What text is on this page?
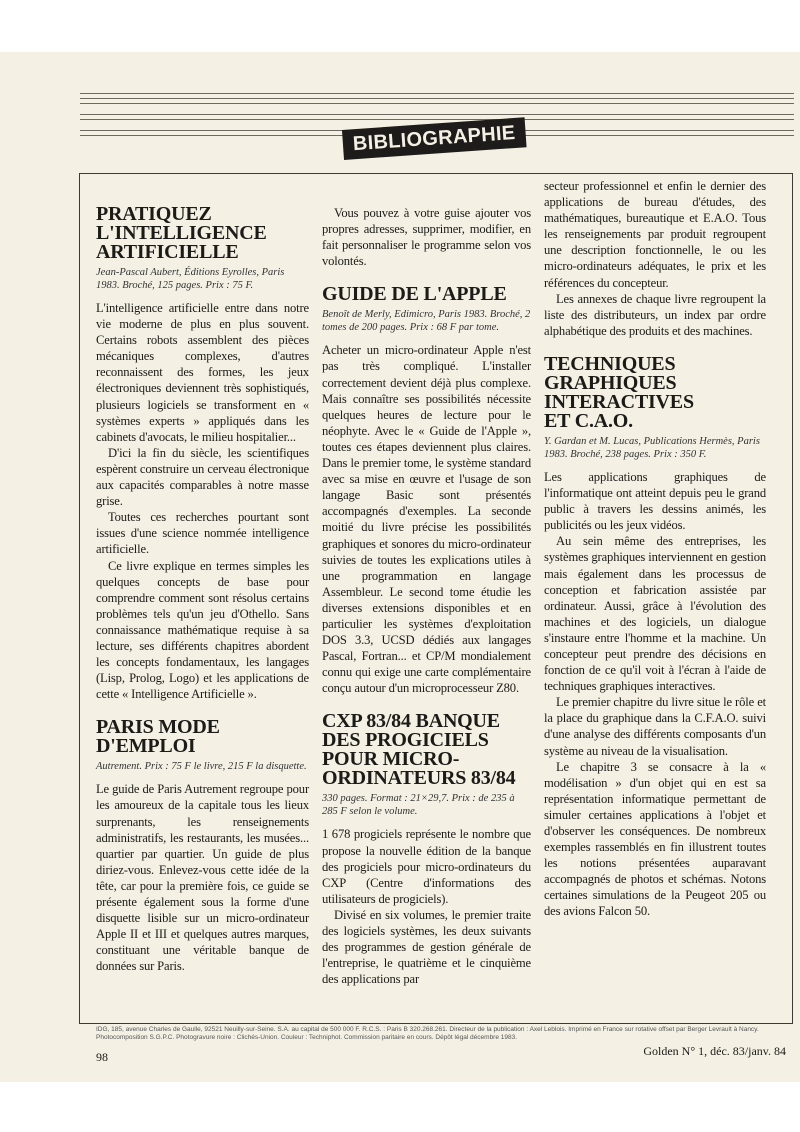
BIBLIOGRAPHIE
PRATIQUEZ
L'INTELLIGENCE
ARTIFICIELLE
Jean-Pascal Aubert, Éditions Eyrolles, Paris 1983. Broché, 125 pages. Prix : 75 F.

L'intelligence artificielle entre dans notre vie moderne de plus en plus souvent. Certains robots assemblent des pièces mécaniques complexes, d'autres reconnaissent des formes, les jeux électroniques deviennent très sophistiqués, plusieurs logiciels se transforment en « systèmes experts » appliqués dans les cabinets d'avocats, le milieu hospitalier...

D'ici la fin du siècle, les scientifiques espèrent construire un cerveau électronique aux capacités comparables à notre masse grise.

Toutes ces recherches pourtant sont issues d'une science nommée intelligence artificielle.

Ce livre explique en termes simples les quelques concepts de base pour comprendre comment sont résolus certains problèmes tels qu'un jeu d'Othello. Sans connaissance mathématique requise à sa lecture, ses différents chapitres abordent les concepts fondamentaux, les langages (Lisp, Prolog, Logo) et les applications de cette « Intelligence Artificielle ».

PARIS MODE
D'EMPLOI
Autrement. Prix : 75 F le livre, 215 F la disquette.

Le guide de Paris Autrement regroupe pour les amoureux de la capitale tous les lieux surprenants, les renseignements administratifs, les restaurants, les musées... quartier par quartier. Un guide de plus diriez-vous. Enlevez-vous cette idée de la tête, car pour la première fois, ce guide se présente également sous la forme d'une disquette lisible sur un micro-ordinateur Apple II et III et quelques autres marques, constituant une véritable banque de données sur Paris.

Vous pouvez à votre guise ajouter vos propres adresses, supprimer, modifier, en fait personnaliser le programme selon vos volontés.

GUIDE DE L'APPLE
Benoît de Merly, Edimicro, Paris 1983. Broché, 2 tomes de 200 pages. Prix : 68 F par tome.

Acheter un micro-ordinateur Apple n'est pas très compliqué. L'installer correctement devient déjà plus complexe. Mais connaître ses possibilités nécessite quelques heures de lecture pour le néophyte. Avec le « Guide de l'Apple », toutes ces étapes deviennent plus claires. Dans le premier tome, le système standard avec sa mise en œuvre et l'usage de son langage Basic sont présentés accompagnés d'exemples. La seconde moitié du livre précise les possibilités graphiques et sonores du micro-ordinateur suivies de toutes les explications utiles à une programmation en langage Assembleur. Le second tome étudie les diverses extensions disponibles et en particulier les systèmes d'exploitation DOS 3.3, UCSD dédiés aux langages Pascal, Fortran... et CP/M mondialement connu qui exige une carte complémentaire conçu autour d'un microprocesseur Z80.

CXP 83/84 BANQUE
DES PROGICIELS
POUR MICRO-
ORDINATEURS 83/84
330 pages. Format : 21×29,7. Prix : de 235 à 285 F selon le volume.

1 678 progiciels représente le nombre que propose la nouvelle édition de la banque des progiciels pour micro-ordinateurs du CXP (Centre d'informations des utilisateurs de progiciels).

Divisé en six volumes, le premier traite des logiciels systèmes, les deux suivants des programmes de gestion générale de l'entreprise, le quatrième et le cinquième des applications par

secteur professionnel et enfin le dernier des applications de bureau d'études, des mathématiques, bureautique et E.A.O. Tous les renseignements par produit regroupent une description fonctionnelle, le ou les micro-ordinateurs adéquates, le prix et les références du concepteur.

Les annexes de chaque livre regroupent la liste des distributeurs, un index par ordre alphabétique des produits et des machines.

TECHNIQUES
GRAPHIQUES
INTERACTIVES
ET C.A.O.
Y. Gardan et M. Lucas, Publications Hermès, Paris 1983. Broché, 238 pages. Prix : 350 F.

Les applications graphiques de l'informatique ont atteint depuis peu le grand public à travers les dessins animés, les publicités ou les jeux vidéos.

Au sein même des entreprises, les systèmes graphiques interviennent en gestion mais également dans les processus de conception et fabrication assistée par ordinateur. Aussi, grâce à l'évolution des machines et des logiciels, un dialogue s'instaure entre l'homme et la machine. Un concepteur peut prendre des décisions en fonction de ce qu'il voit à l'écran à l'aide de techniques graphiques interactives.

Le premier chapitre du livre situe le rôle et la place du graphique dans la C.F.A.O. suivi d'une analyse des différents composants d'un système au niveau de la visualisation.

Le chapitre 3 se consacre à la « modélisation » d'un objet qui en est sa représentation informatique permettant de simuler certaines applications à l'objet et d'observer les conséquences. De nombreux exemples rassemblés en fin illustrent toutes les notions présentées auparavant accompagnés de photos et schémas. Notons certaines simulations de la Peugeot 205 ou des avions Falcon 50.

IDG, 185, avenue Charles de Gaulle, 92521 Neuilly-sur-Seine. S.A. au capital de 500 000 F. R.C.S. : Paris B 320.268.261. Directeur de la publication : Axel Leblois. Imprimé en France sur rotative offset par Berger Levrault à Nancy. Photocomposition S.G.P.C. Photogravure noire : Clichés-Union. Couleur : Techniphot. Commission paritaire en cours. Dépôt légal décembre 1983.
98	Golden N° 1, déc. 83/janv. 84
